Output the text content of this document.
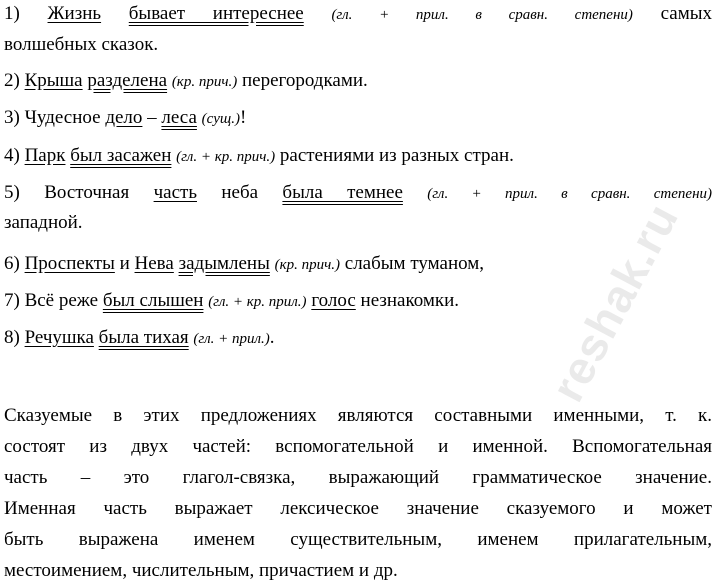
1) Жизнь бывает интереснее (гл. + прил. в сравн. степени) самых
волшебных сказок.
2) Крыша разделена (кр. прич.) перегородками.
3) Чудесное дело – леса (сущ.)!
4) Парк был засажен (гл. + кр. прич.) растениями из разных стран.
5) Восточная часть неба была темнее (гл. + прил. в сравн. степени)
западной.
6) Проспекты и Нева задымлены (кр. прич.) слабым туманом,
7) Всё реже был слышен (гл. + кр. прил.) голос незнакомки.
8) Речушка была тихая (гл. + прил.).
Сказуемые в этих предложениях являются составными именными, т. к.
состоят из двух частей: вспомогательной и именной. Вспомогательная
часть – это глагол-связка, выражающий грамматическое значение.
Именная часть выражает лексическое значение сказуемого и может
быть выражена именем существительным, именем прилагательным,
местоимением, числительным, причастием и др.
reshak.ru
